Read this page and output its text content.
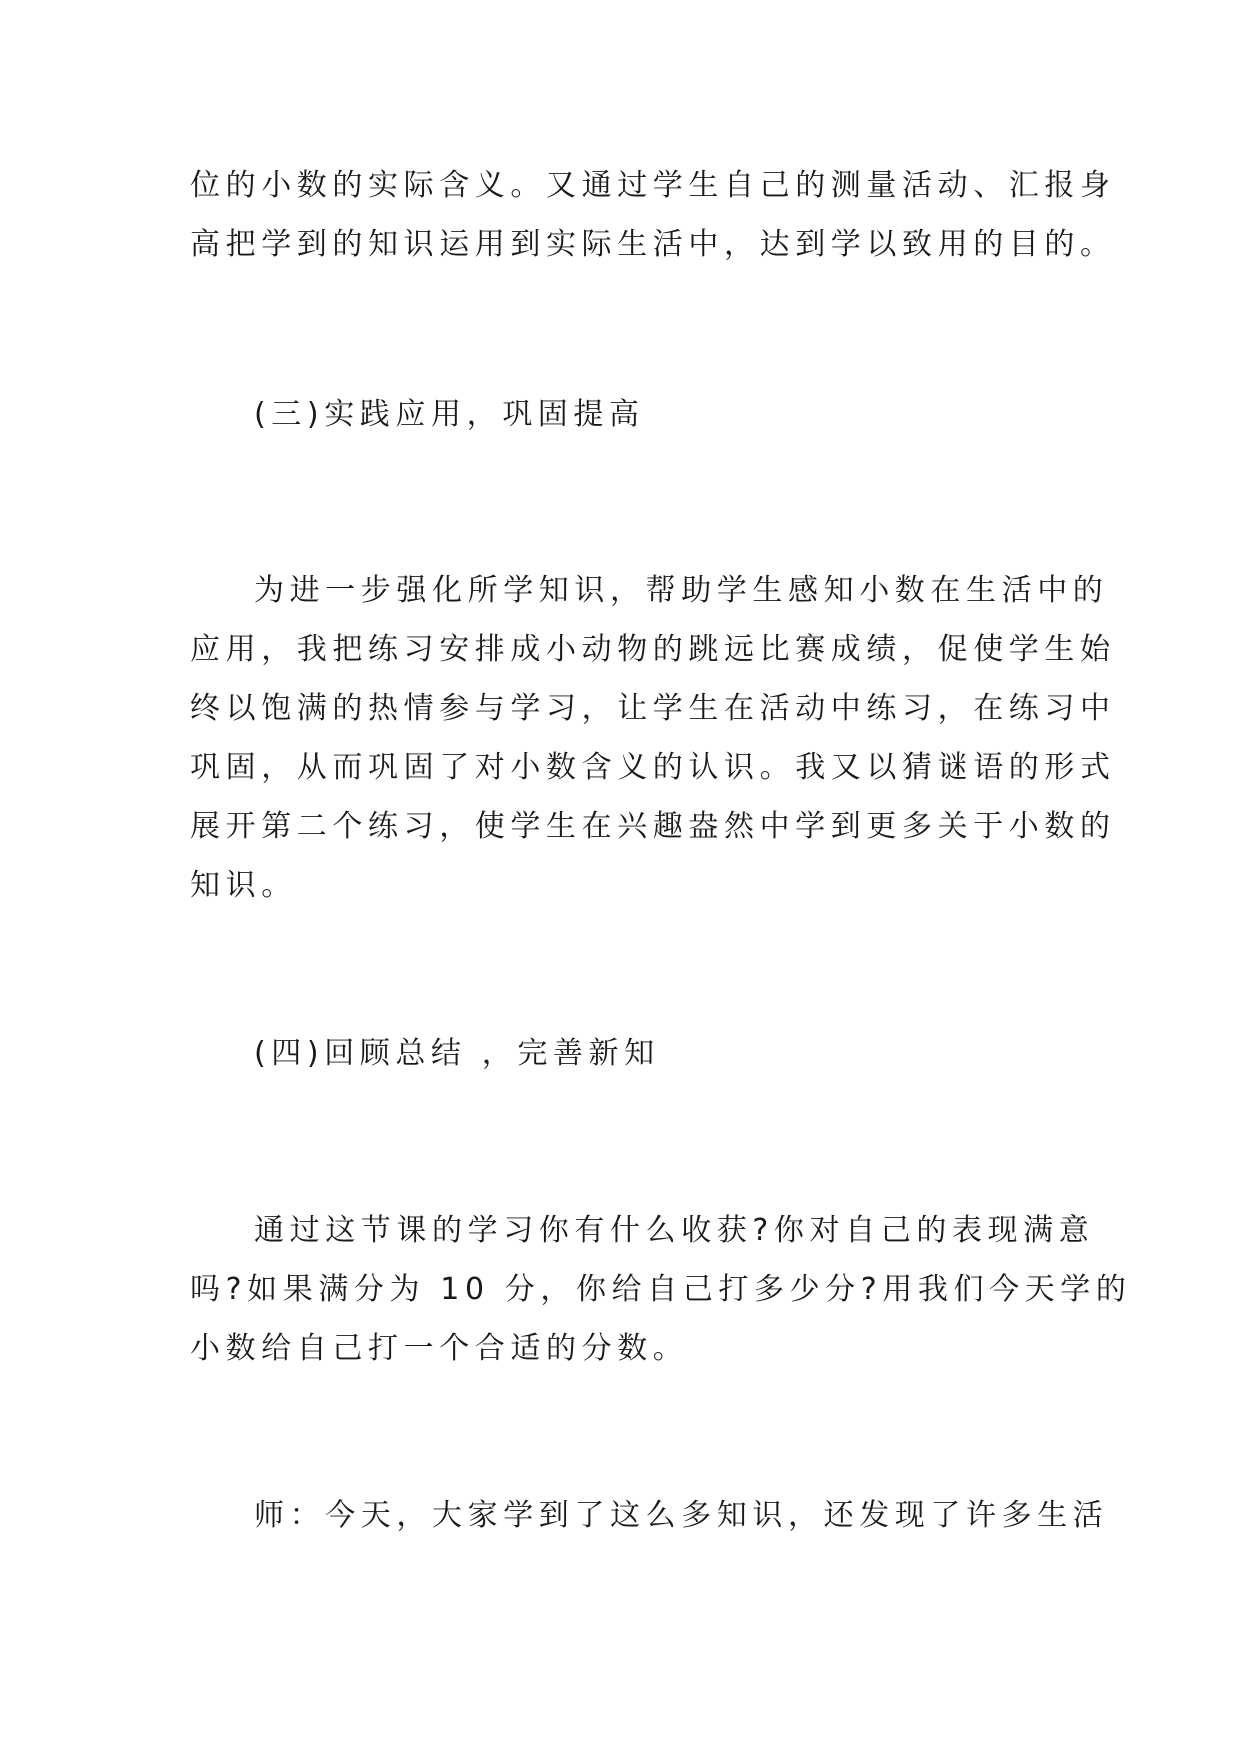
位的小数的实际含义。又通过学生自己的测量活动、汇报身
高把学到的知识运用到实际生活中，达到学以致用的目的。
(三)实践应用，巩固提高
为进一步强化所学知识，帮助学生感知小数在生活中的
应用，我把练习安排成小动物的跳远比赛成绩，促使学生始
终以饱满的热情参与学习，让学生在活动中练习，在练习中
巩固，从而巩固了对小数含义的认识。我又以猜谜语的形式
展开第二个练习，使学生在兴趣盎然中学到更多关于小数的
知识。
(四)回顾总结 ，完善新知
通过这节课的学习你有什么收获?你对自己的表现满意
吗?如果满分为 10 分，你给自己打多少分?用我们今天学的
小数给自己打一个合适的分数。
师：今天，大家学到了这么多知识，还发现了许多生活
